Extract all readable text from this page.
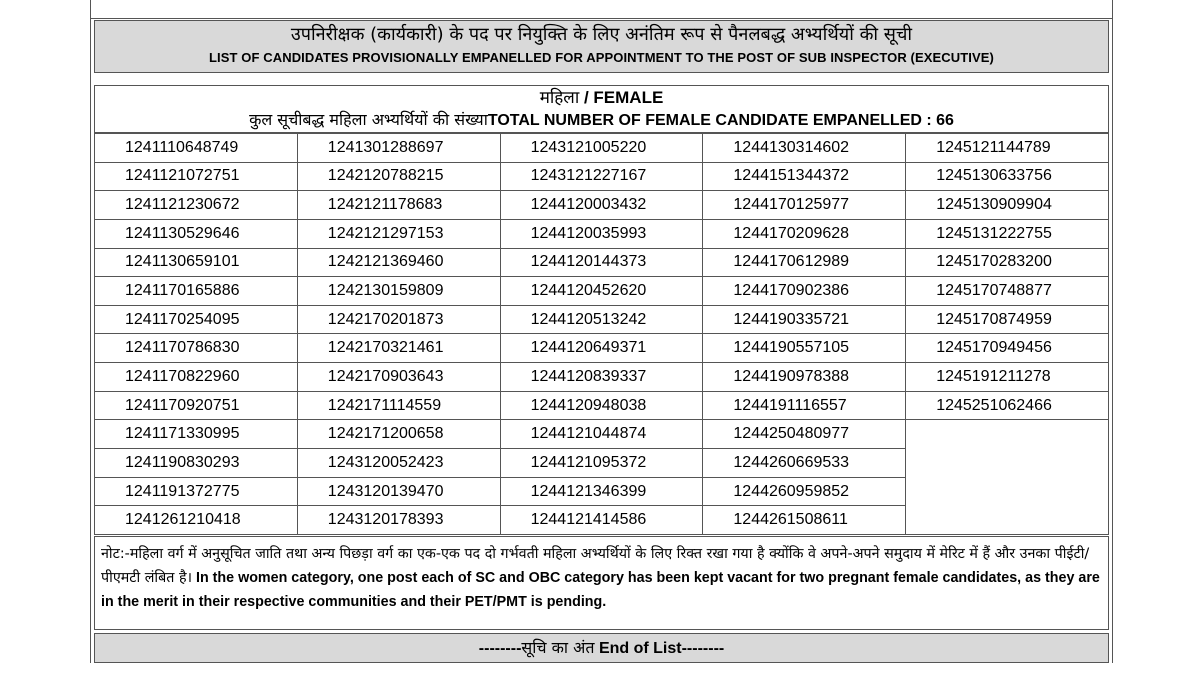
उपनिरीक्षक (कार्यकारी) के पद पर नियुक्ति के लिए अनंतिम रूप से पैनलबद्ध अभ्यर्थियों की सूची
LIST OF CANDIDATES PROVISIONALLY EMPANELLED FOR APPOINTMENT TO THE POST OF SUB INSPECTOR (EXECUTIVE)
महिला / FEMALE
कुल सूचीबद्ध महिला अभ्यर्थियों की संख्याTOTAL NUMBER OF FEMALE CANDIDATE EMPANELLED : 66
1241110648749	1241301288697	1243121005220	1244130314602	1245121144789
1241121072751	1242120788215	1243121227167	1244151344372	1245130633756
1241121230672	1242121178683	1244120003432	1244170125977	1245130909904
1241130529646	1242121297153	1244120035993	1244170209628	1245131222755
1241130659101	1242121369460	1244120144373	1244170612989	1245170283200
1241170165886	1242130159809	1244120452620	1244170902386	1245170748877
1241170254095	1242170201873	1244120513242	1244190335721	1245170874959
1241170786830	1242170321461	1244120649371	1244190557105	1245170949456
1241170822960	1242170903643	1244120839337	1244190978388	1245191211278
1241170920751	1242171114559	1244120948038	1244191116557	1245251062466
1241171330995	1242171200658	1244121044874	1244250480977	
1241190830293	1243120052423	1244121095372	1244260669533	
1241191372775	1243120139470	1244121346399	1244260959852	
1241261210418	1243120178393	1244121414586	1244261508611	
नोट:-महिला वर्ग में अनुसूचित जाति तथा अन्य पिछड़ा वर्ग का एक-एक पद दो गर्भवती महिला अभ्यर्थियों के लिए रिक्त रखा गया है क्योंकि वे अपने-अपने समुदाय में मेरिट में हैं और उनका पीईटी/पीएमटी लंबित है। In the women category, one post each of SC and OBC category has been kept vacant for two pregnant female candidates, as they are in the merit in their respective communities and their PET/PMT is pending.
--------सूचि का अंत End of List--------
